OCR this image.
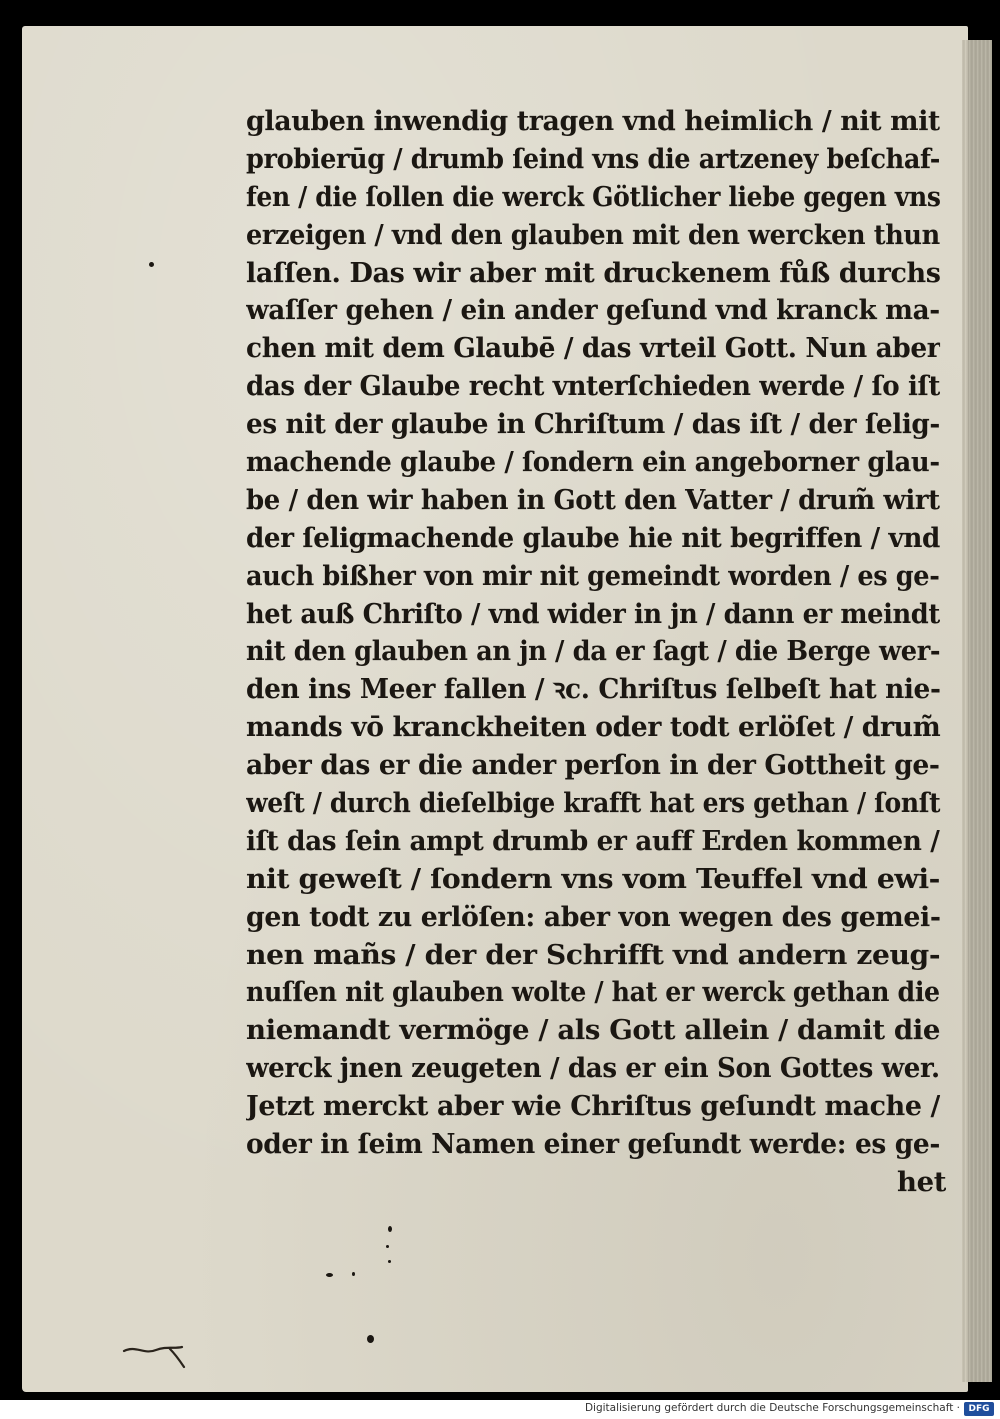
glauben inwendig tragen vnd heimlich / nit mit
probierūg / drumb ſeind vns die artzeney beſchaf-
fen / die ſollen die werck Götlicher liebe gegen vns
erzeigen / vnd den glauben mit den wercken thun
laſſen. Das wir aber mit druckenem fůß durchs
waſſer gehen / ein ander geſund vnd kranck ma-
chen mit dem Glaubē / das vrteil Gott. Nun aber
das der Glaube recht vnterſchieden werde / ſo iſt
es nit der glaube in Chriſtum / das iſt / der ſelig-
machende glaube / ſondern ein angeborner glau-
be / den wir haben in Gott den Vatter / drum̃ wirt
der ſeligmachende glaube hie nit begriffen / vnd
auch bißher von mir nit gemeindt worden / es ge-
het auß Chriſto / vnd wider in jn / dann er meindt
nit den glauben an jn / da er ſagt / die Berge wer-
den ins Meer fallen / ꝛc. Chriſtus ſelbeſt hat nie-
mands vō kranckheiten oder todt erlöſet / drum̃
aber das er die ander perſon in der Gottheit ge-
weſt / durch dieſelbige krafft hat ers gethan / ſonſt
iſt das ſein ampt drumb er auff Erden kommen /
nit geweſt / ſondern vns vom Teuffel vnd ewi-
gen todt zu erlöſen: aber von wegen des gemei-
nen mañs / der der Schrifft vnd andern zeug-
nuſſen nit glauben wolte / hat er werck gethan die
niemandt vermöge / als Gott allein / damit die
werck jnen zeugeten / das er ein Son Gottes wer.
Jetzt merckt aber wie Chriſtus geſundt mache /
oder in ſeim Namen einer geſundt werde: es ge-
het
Digitalisierung gefördert durch die Deutsche Forschungsgemeinschaft · DFG
